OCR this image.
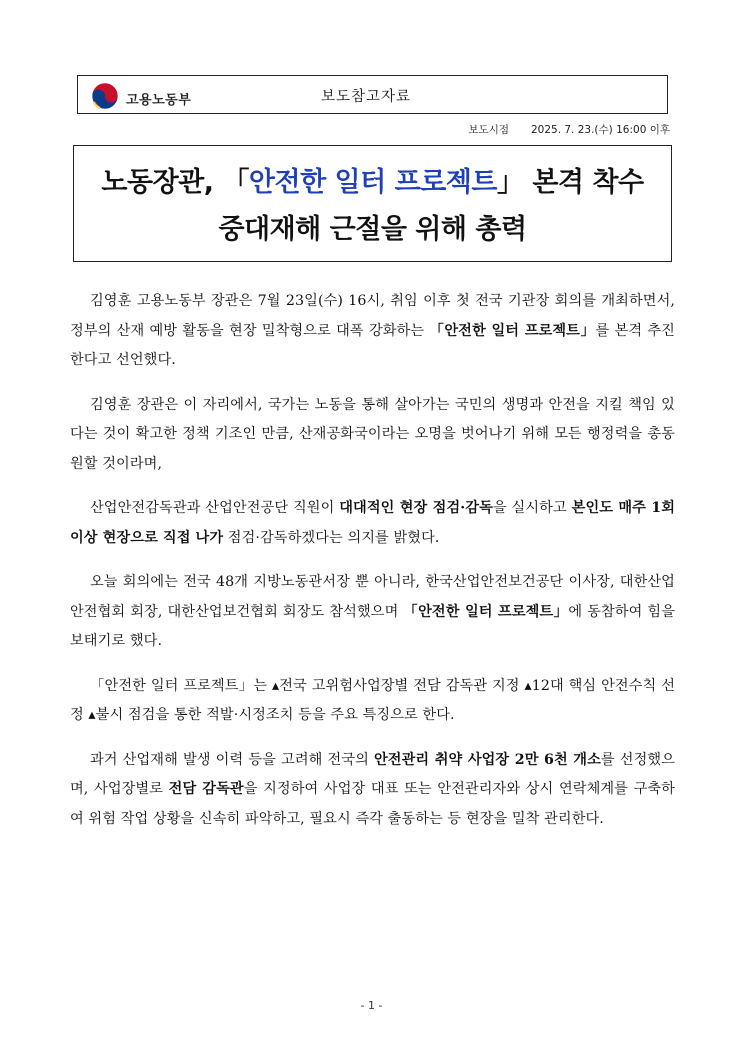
고용노동부	보도참고자료
보도시점 2025. 7. 23.(수) 16:00 이후
노동장관, 「안전한 일터 프로젝트」 본격 착수
중대재해 근절을 위해 총력

김영훈 고용노동부 장관은 7월 23일(수) 16시, 취임 이후 첫 전국 기관장 회의를 개최하면서, 정부의 산재 예방 활동을 현장 밀착형으로 대폭 강화하는 「안전한 일터 프로젝트」를 본격 추진한다고 선언했다.

김영훈 장관은 이 자리에서, 국가는 노동을 통해 살아가는 국민의 생명과 안전을 지킬 책임 있다는 것이 확고한 정책 기조인 만큼, 산재공화국이라는 오명을 벗어나기 위해 모든 행정력을 총동원할 것이라며,

산업안전감독관과 산업안전공단 직원이 대대적인 현장 점검·감독을 실시하고 본인도 매주 1회 이상 현장으로 직접 나가 점검·감독하겠다는 의지를 밝혔다.

오늘 회의에는 전국 48개 지방노동관서장 뿐 아니라, 한국산업안전보건공단 이사장, 대한산업안전협회 회장, 대한산업보건협회 회장도 참석했으며 「안전한 일터 프로젝트」에 동참하여 힘을 보태기로 했다.

「안전한 일터 프로젝트」는 ▴전국 고위험사업장별 전담 감독관 지정 ▴12대 핵심 안전수칙 선정 ▴불시 점검을 통한 적발·시정조치 등을 주요 특징으로 한다.

과거 산업재해 발생 이력 등을 고려해 전국의 안전관리 취약 사업장 2만 6천 개소를 선정했으며, 사업장별로 전담 감독관을 지정하여 사업장 대표 또는 안전관리자와 상시 연락체계를 구축하여 위험 작업 상황을 신속히 파악하고, 필요시 즉각 출동하는 등 현장을 밀착 관리한다.

- 1 -
